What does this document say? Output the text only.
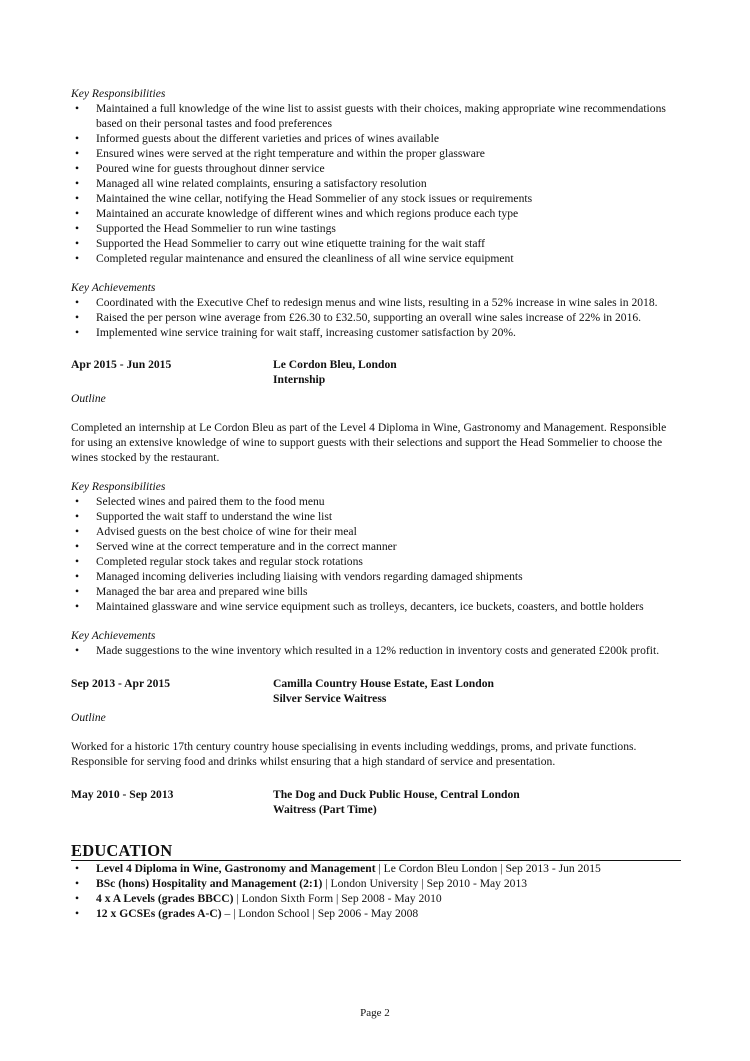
Key Responsibilities

• Maintained a full knowledge of the wine list to assist guests with their choices, making appropriate wine recommendations based on their personal tastes and food preferences
• Informed guests about the different varieties and prices of wines available
• Ensured wines were served at the right temperature and within the proper glassware
• Poured wine for guests throughout dinner service
• Managed all wine related complaints, ensuring a satisfactory resolution
• Maintained the wine cellar, notifying the Head Sommelier of any stock issues or requirements
• Maintained an accurate knowledge of different wines and which regions produce each type
• Supported the Head Sommelier to run wine tastings
• Supported the Head Sommelier to carry out wine etiquette training for the wait staff
• Completed regular maintenance and ensured the cleanliness of all wine service equipment

Key Achievements

• Coordinated with the Executive Chef to redesign menus and wine lists, resulting in a 52% increase in wine sales in 2018.
• Raised the per person wine average from £26.30 to £32.50, supporting an overall wine sales increase of 22% in 2016.
• Implemented wine service training for wait staff, increasing customer satisfaction by 20%.
Apr 2015 - Jun 2015	Le Cordon Bleu, London
Internship

Outline

Completed an internship at Le Cordon Bleu as part of the Level 4 Diploma in Wine, Gastronomy and Management. Responsible for using an extensive knowledge of wine to support guests with their selections and support the Head Sommelier to choose the wines stocked by the restaurant.

Key Responsibilities

• Selected wines and paired them to the food menu
• Supported the wait staff to understand the wine list
• Advised guests on the best choice of wine for their meal
• Served wine at the correct temperature and in the correct manner
• Completed regular stock takes and regular stock rotations
• Managed incoming deliveries including liaising with vendors regarding damaged shipments
• Managed the bar area and prepared wine bills
• Maintained glassware and wine service equipment such as trolleys, decanters, ice buckets, coasters, and bottle holders

Key Achievements

• Made suggestions to the wine inventory which resulted in a 12% reduction in inventory costs and generated £200k profit.
Sep 2013 - Apr 2015	Camilla Country House Estate, East London
Silver Service Waitress

Outline

Worked for a historic 17th century country house specialising in events including weddings, proms, and private functions. Responsible for serving food and drinks whilst ensuring that a high standard of service and presentation.

May 2010 - Sep 2013	The Dog and Duck Public House, Central London
Waitress (Part Time)
EDUCATION
• Level 4 Diploma in Wine, Gastronomy and Management | Le Cordon Bleu London | Sep 2013 - Jun 2015
• BSc (hons) Hospitality and Management (2:1) | London University | Sep 2010 - May 2013
• 4 x A Levels (grades BBCC) | London Sixth Form | Sep 2008 - May 2010
• 12 x GCSEs (grades A-C) – | London School | Sep 2006 - May 2008
Page 2
